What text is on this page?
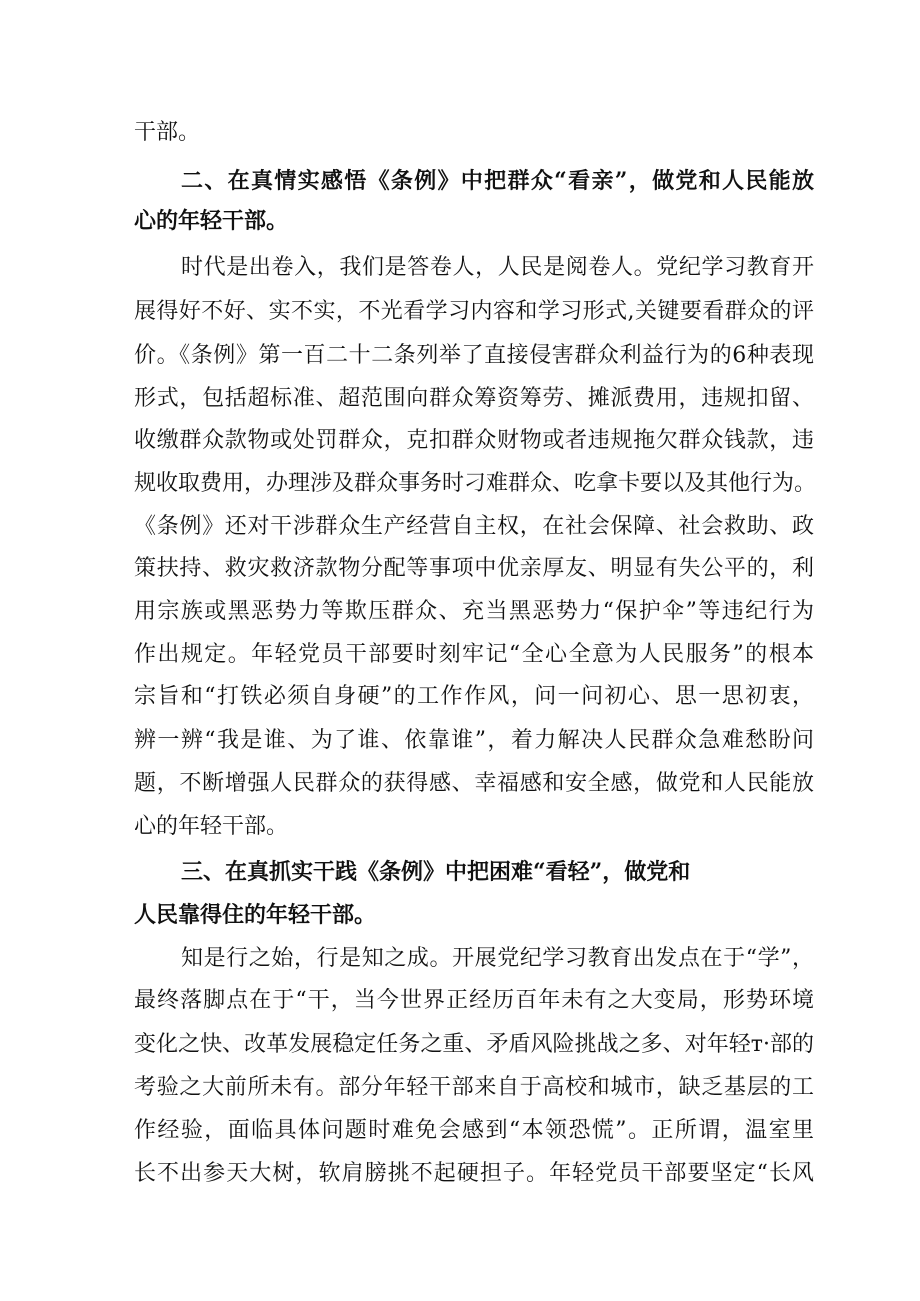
干部。
二、在真情实感悟《条例》中把群众“看亲”，做党和人民能放
心的年轻干部。
时代是出卷入，我们是答卷人，人民是阅卷人。党纪学习教育开
展得好不好、实不实，不光看学习内容和学习形式,关键要看群众的评
价。《条例》第一百二十二条列举了直接侵害群众利益行为的6种表现
形式，包括超标准、超范围向群众筹资筹劳、摊派费用，违规扣留、
收缴群众款物或处罚群众，克扣群众财物或者违规拖欠群众钱款，违
规收取费用，办理涉及群众事务时刁难群众、吃拿卡要以及其他行为。
《条例》还对干涉群众生产经营自主权，在社会保障、社会救助、政
策扶持、救灾救济款物分配等事项中优亲厚友、明显有失公平的，利
用宗族或黑恶势力等欺压群众、充当黑恶势力“保护伞”等违纪行为
作出规定。年轻党员干部要时刻牢记“全心全意为人民服务”的根本
宗旨和“打铁必须自身硬”的工作作风，问一问初心、思一思初衷，
辨一辨“我是谁、为了谁、依靠谁”，着力解决人民群众急难愁盼问
题，不断增强人民群众的获得感、幸福感和安全感，做党和人民能放
心的年轻干部。
三、在真抓实干践《条例》中把困难“看轻”，做党和
人民靠得住的年轻干部。
知是行之始，行是知之成。开展党纪学习教育出发点在于“学”，
最终落脚点在于“干，当今世界正经历百年未有之大变局，形势环境
变化之快、改革发展稳定任务之重、矛盾风险挑战之多、对年轻т·部的
考验之大前所未有。部分年轻干部来自于高校和城市，缺乏基层的工
作经验，面临具体问题时难免会感到“本领恐慌”。正所谓，温室里
长不出参天大树，软肩膀挑不起硬担子。年轻党员干部要坚定“长风
